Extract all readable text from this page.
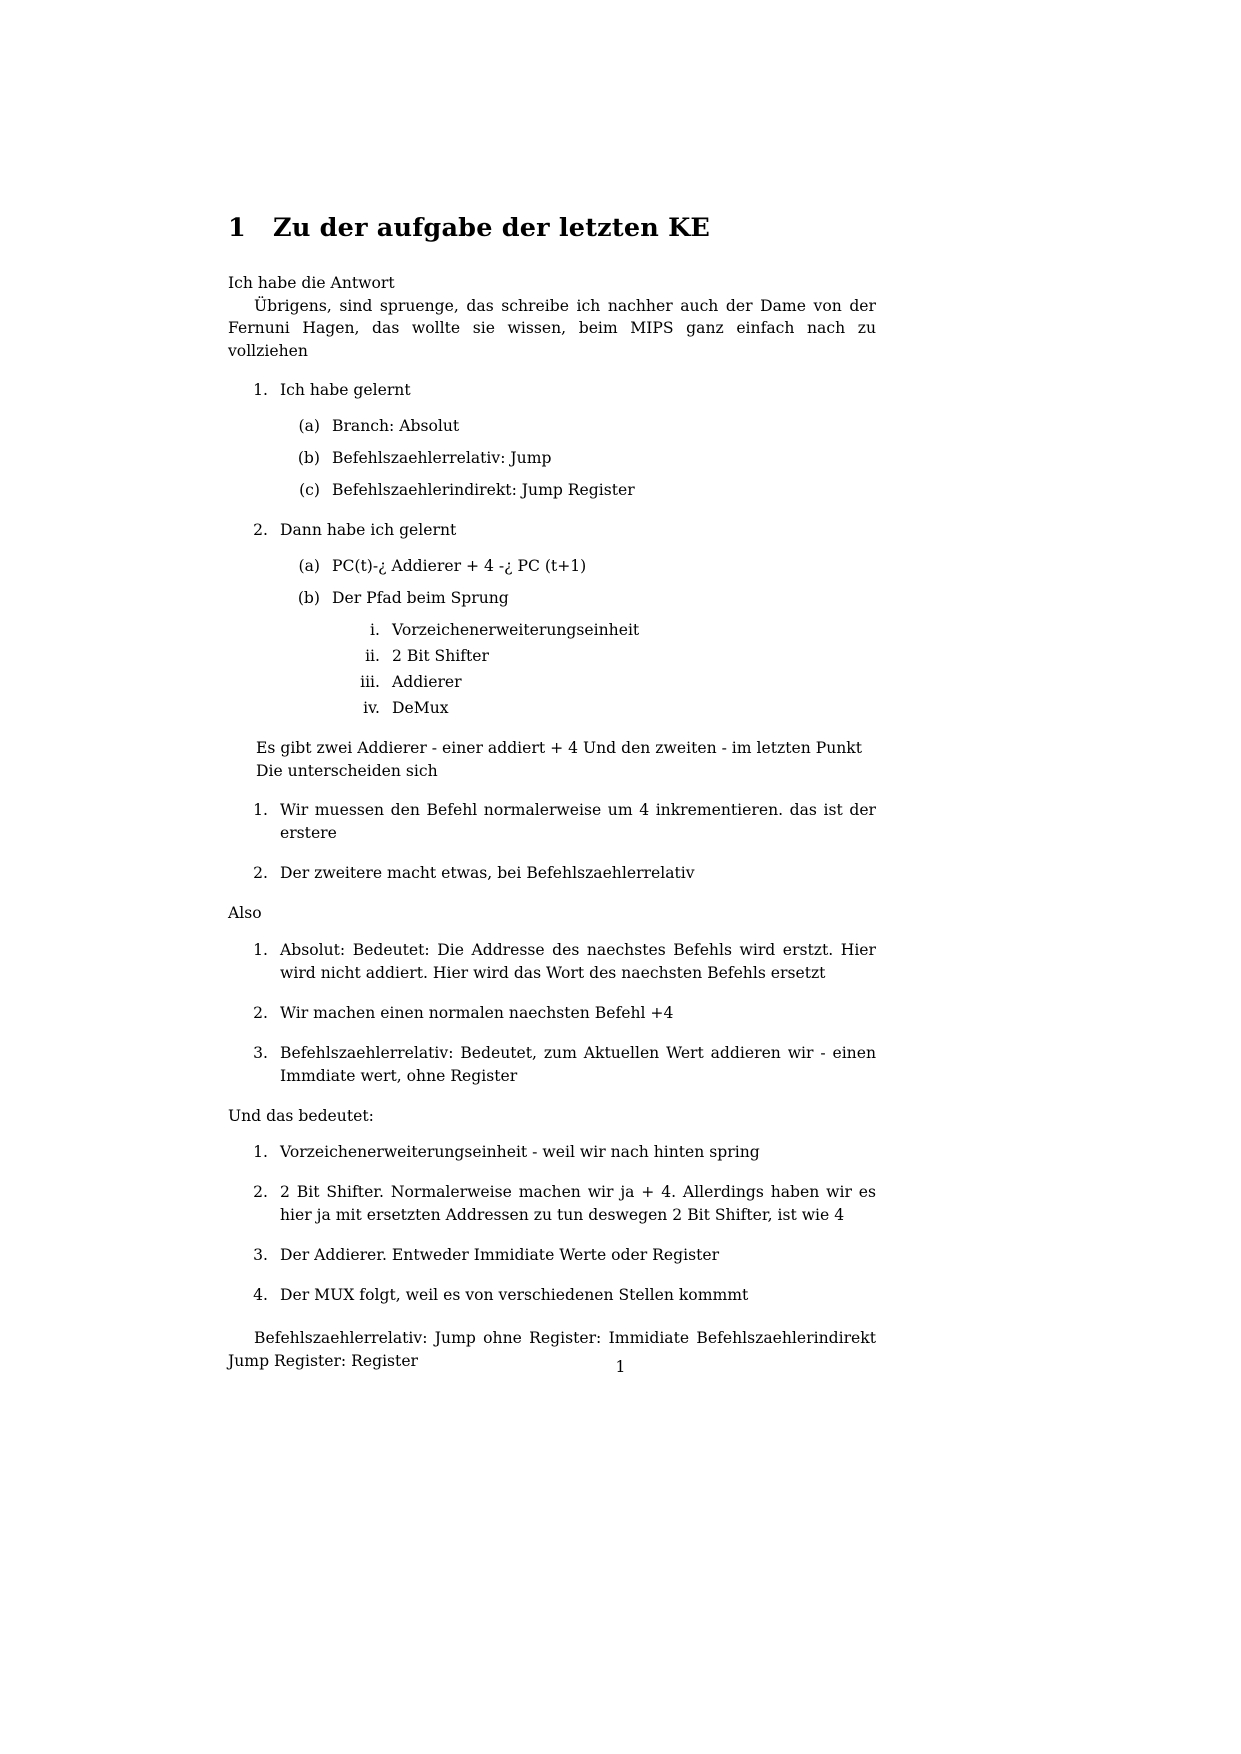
1 Zu der aufgabe der letzten KE

Ich habe die Antwort

Übrigens, sind spruenge, das schreibe ich nachher auch der Dame von der Fernuni Hagen, das wollte sie wissen, beim MIPS ganz einfach nach zu vollziehen

1. Ich habe gelernt
(a) Branch: Absolut
(b) Befehlszaehlerrelativ: Jump
(c) Befehlszaehlerindirekt: Jump Register
2. Dann habe ich gelernt
(a) PC(t)-¿ Addierer + 4 -¿ PC (t+1)
(b) Der Pfad beim Sprung
i. Vorzeichenerweiterungseinheit
ii. 2 Bit Shifter
iii. Addierer
iv. DeMux

Es gibt zwei Addierer - einer addiert + 4 Und den zweiten - im letzten Punkt Die unterscheiden sich

1. Wir muessen den Befehl normalerweise um 4 inkrementieren. das ist der erstere
2. Der zweitere macht etwas, bei Befehlszaehlerrelativ

Also

1. Absolut: Bedeutet: Die Addresse des naechstes Befehls wird erstzt. Hier wird nicht addiert. Hier wird das Wort des naechsten Befehls ersetzt
2. Wir machen einen normalen naechsten Befehl +4
3. Befehlszaehlerrelativ: Bedeutet, zum Aktuellen Wert addieren wir - einen Immdiate wert, ohne Register

Und das bedeutet:

1. Vorzeichenerweiterungseinheit - weil wir nach hinten spring
2. 2 Bit Shifter. Normalerweise machen wir ja + 4. Allerdings haben wir es hier ja mit ersetzten Addressen zu tun deswegen 2 Bit Shifter, ist wie 4
3. Der Addierer. Entweder Immidiate Werte oder Register
4. Der MUX folgt, weil es von verschiedenen Stellen kommmt

Befehlszaehlerrelativ: Jump ohne Register: Immidiate Befehlszaehlerindirekt Jump Register: Register	1
